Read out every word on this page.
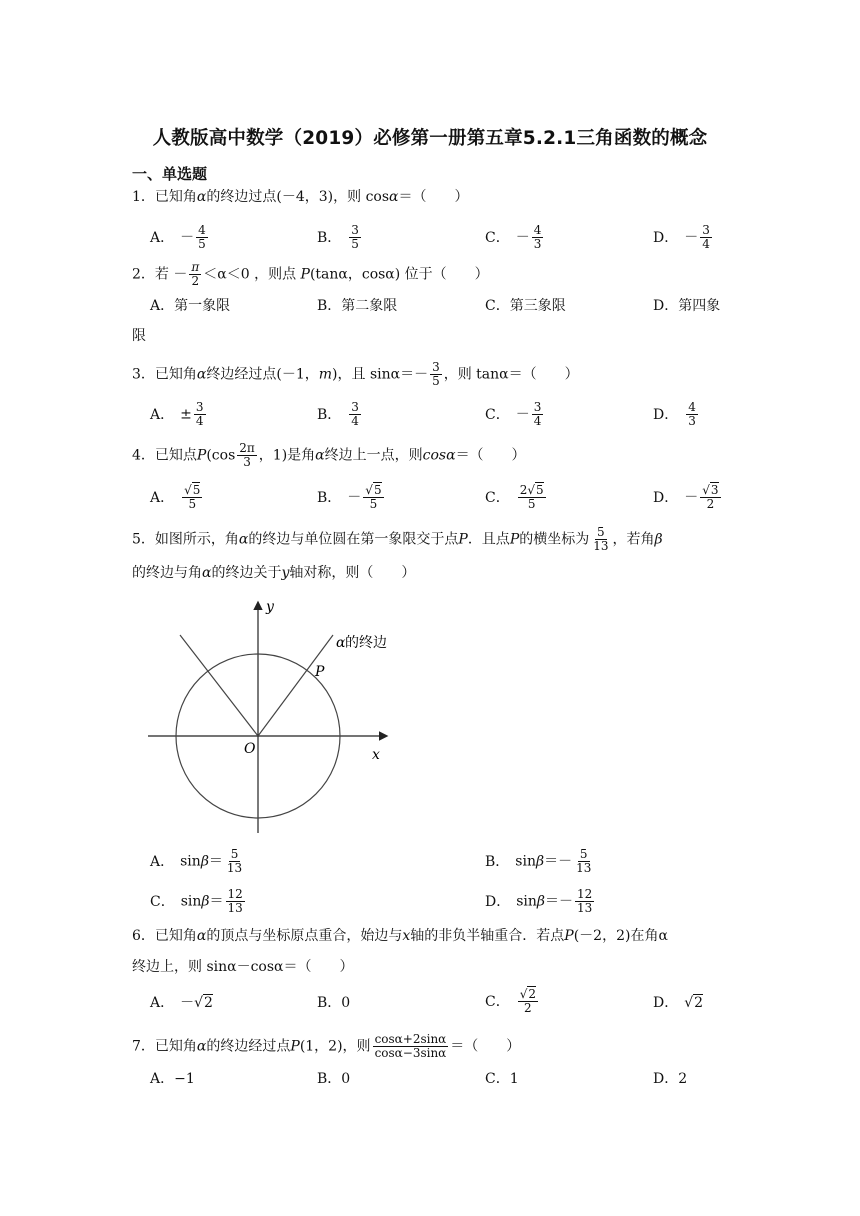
人教版高中数学（2019）必修第一册第五章5.2.1三角函数的概念
一、单选题
1．已知角α的终边过点(－4，3)，则 cosα＝（　　）
A． － $\frac{4}{5}$	B． $\frac{3}{5}$	C． － $\frac{4}{3}$	D． － $\frac{3}{4}$
2．若 － $\frac{\pi}{2} <\alpha<0$ ，则点 P(tanα，cosα) 位于（　　）
A．第一象限	B．第二象限	C．第三象限	D．第四象
限
3．已知角α终边经过点(－1，m)，且 $\sin\alpha=- \frac{3}{5}$ ，则 tanα＝（　　）
A． ± $\frac{3}{4}$	B． $\frac{3}{4}$	C． － $\frac{3}{4}$	D． $\frac{4}{3}$
4．已知点$P(\cos \frac{2\pi}{3}$ ，1)是角α终边上一点，则cosα＝（　　）
A． $\frac{√5}{5}$	B． － $\frac{√5}{5}$	C． $\frac{2√5}{5}$	D． － $\frac{√3}{2}$
5．如图所示，角α的终边与单位圆在第一象限交于点P．且点P的横坐标为 $\frac{5}{13}$ ，若角β
的终边与角α的终边关于y轴对称，则（　　）
y
x
O
P
α 的终边
A． $\sin\beta= \frac{5}{13}$	B． $\sin\beta=- \frac{5}{13}$
C． $\sin\beta= \frac{12}{13}$	D． $\sin\beta=- \frac{12}{13}$
6．已知角α的顶点与坐标原点重合，始边与x轴的非负半轴重合．若点P(－2，2)在角α
终边上，则 sinα－cosα＝（　　）
A． －√2	B．0	C． $\frac{√2}{2}$	D． √2
7．已知角α的终边经过点P(1，2)，则 $\frac{\cos\alpha+2\sin\alpha}{\cos\alpha-3\sin\alpha}$ ＝（　　）
A．−1	B．0	C．1	D．2
